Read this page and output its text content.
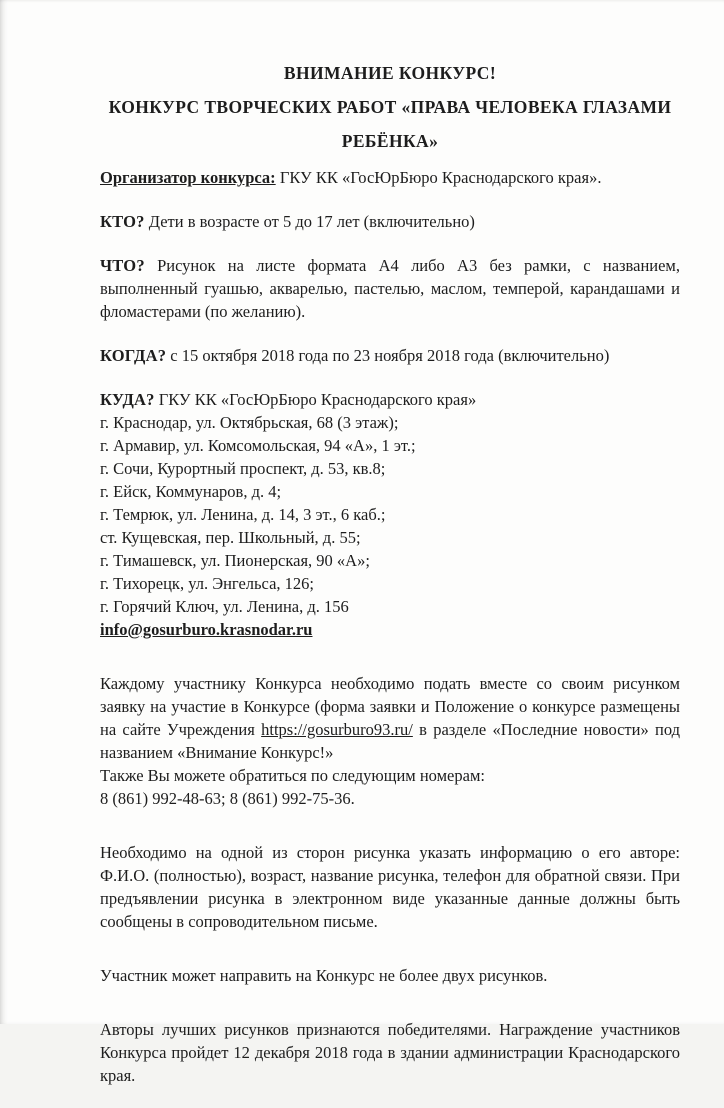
ВНИМАНИЕ КОНКУРС!
КОНКУРС ТВОРЧЕСКИХ РАБОТ «ПРАВА ЧЕЛОВЕКА ГЛАЗАМИ РЕБЁНКА»

Организатор конкурса: ГКУ КК «ГосЮрБюро Краснодарского края».

КТО? Дети в возрасте от 5 до 17 лет (включительно)

ЧТО? Рисунок на листе формата А4 либо А3 без рамки, с названием, выполненный гуашью, акварелью, пастелью, маслом, темперой, карандашами и фломастерами (по желанию).

КОГДА? с 15 октября 2018 года по 23 ноября 2018 года (включительно)

КУДА? ГКУ КК «ГосЮрБюро Краснодарского края»

г. Краснодар, ул. Октябрьская, 68 (3 этаж);
г. Армавир, ул. Комсомольская, 94 «А», 1 эт.;
г. Сочи, Курортный проспект, д. 53, кв.8;
г. Ейск, Коммунаров, д. 4;
г. Темрюк, ул. Ленина, д. 14, 3 эт., 6 каб.;
ст. Кущевская, пер. Школьный, д. 55;
г. Тимашевск, ул. Пионерская, 90 «А»;
г. Тихорецк, ул. Энгельса, 126;
г. Горячий Ключ, ул. Ленина, д. 156
info@gosurburo.krasnodar.ru

Каждому участнику Конкурса необходимо подать вместе со своим рисунком заявку на участие в Конкурсе (форма заявки и Положение о конкурсе размещены на сайте Учреждения https://gosurburo93.ru/ в разделе «Последние новости» под названием «Внимание Конкурс!»

Также Вы можете обратиться по следующим номерам:

8 (861) 992-48-63; 8 (861) 992-75-36.

Необходимо на одной из сторон рисунка указать информацию о его авторе: Ф.И.О. (полностью), возраст, название рисунка, телефон для обратной связи. При предъявлении рисунка в электронном виде указанные данные должны быть сообщены в сопроводительном письме.

Участник может направить на Конкурс не более двух рисунков.

Авторы лучших рисунков признаются победителями. Награждение участников Конкурса пройдет 12 декабря 2018 года в здании администрации Краснодарского края.
